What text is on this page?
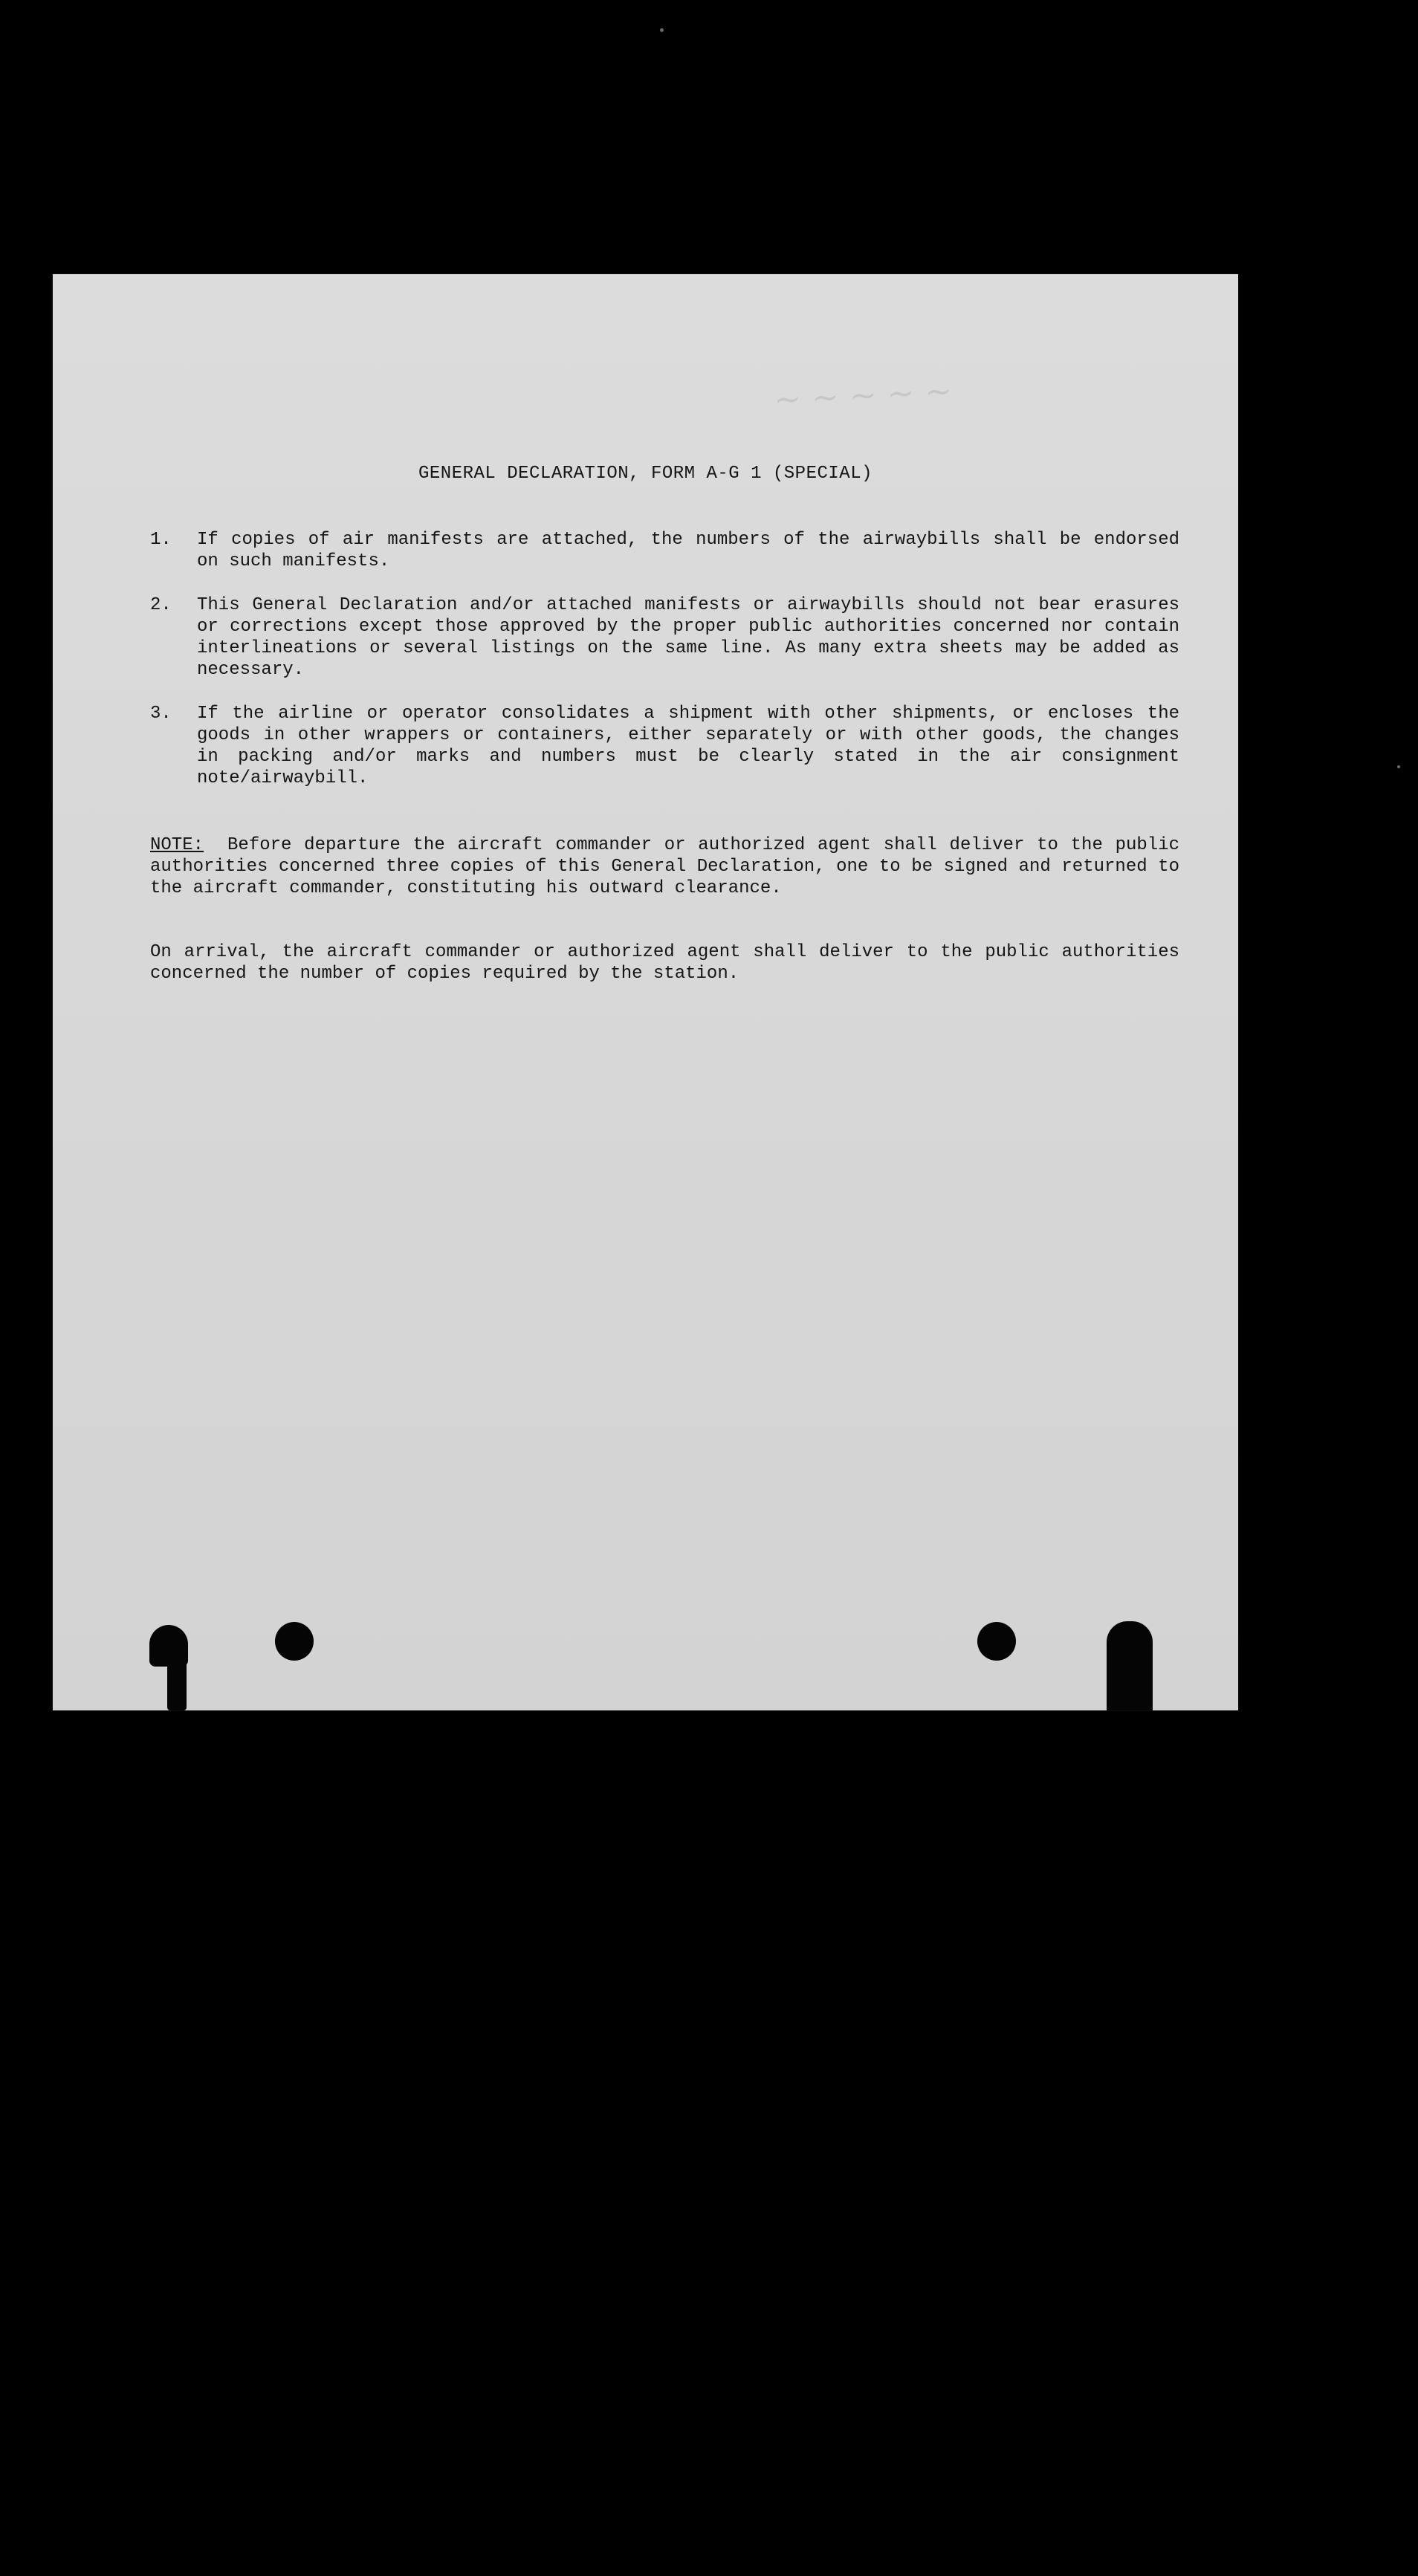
~ ~ ~ ~ ~
GENERAL DECLARATION, FORM A-G 1 (SPECIAL)
1. If copies of air manifests are attached, the numbers of the airwaybills shall be endorsed on such manifests.
2. This General Declaration and/or attached manifests or airwaybills should not bear erasures or corrections except those approved by the proper public authorities concerned nor contain interlineations or several listings on the same line. As many extra sheets may be added as necessary.
3. If the airline or operator consolidates a shipment with other shipments, or encloses the goods in other wrappers or containers, either separately or with other goods, the changes in packing and/or marks and numbers must be clearly stated in the air consignment note/airwaybill.

NOTE: Before departure the aircraft commander or authorized agent shall deliver to the public authorities concerned three copies of this General Declaration, one to be signed and returned to the aircraft commander, constituting his outward clearance.

On arrival, the aircraft commander or authorized agent shall deliver to the public authorities concerned the number of copies required by the station.
